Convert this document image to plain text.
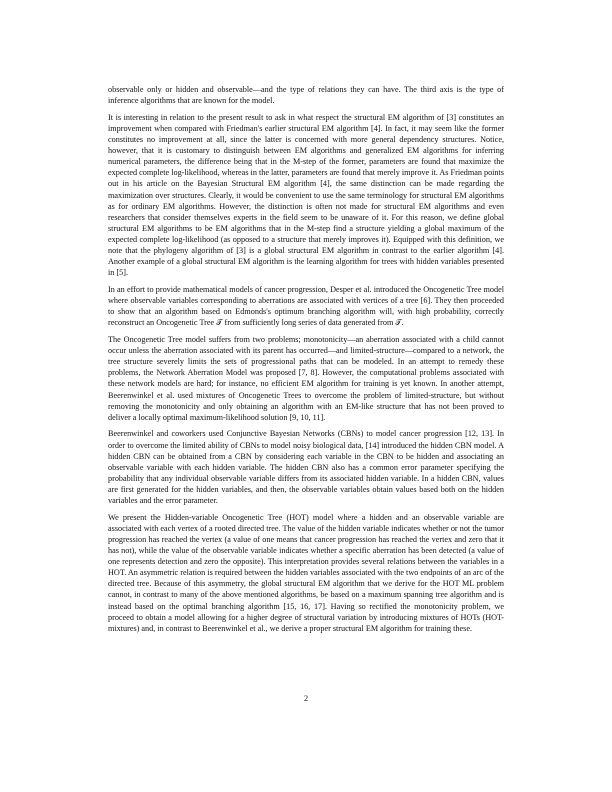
observable only or hidden and observable—and the type of relations they can have. The third axis is the type of inference algorithms that are known for the model.

It is interesting in relation to the present result to ask in what respect the structural EM algorithm of [3] constitutes an improvement when compared with Friedman's earlier structural EM algorithm [4]. In fact, it may seem like the former constitutes no improvement at all, since the latter is concerned with more general dependency structures. Notice, however, that it is customary to distinguish between EM algorithms and generalized EM algorithms for inferring numerical parameters, the difference being that in the M-step of the former, parameters are found that maximize the expected complete log-likelihood, whereas in the latter, parameters are found that merely improve it. As Friedman points out in his article on the Bayesian Structural EM algorithm [4], the same distinction can be made regarding the maximization over structures. Clearly, it would be convenient to use the same terminology for structural EM algorithms as for ordinary EM algorithms. However, the distinction is often not made for structural EM algorithms and even researchers that consider themselves experts in the field seem to be unaware of it. For this reason, we define global structural EM algorithms to be EM algorithms that in the M-step find a structure yielding a global maximum of the expected complete log-likelihood (as opposed to a structure that merely improves it). Equipped with this definition, we note that the phylogeny algorithm of [3] is a global structural EM algorithm in contrast to the earlier algorithm [4]. Another example of a global structural EM algorithm is the learning algorithm for trees with hidden variables presented in [5].

In an effort to provide mathematical models of cancer progression, Desper et al. introduced the Oncogenetic Tree model where observable variables corresponding to aberrations are associated with vertices of a tree [6]. They then proceeded to show that an algorithm based on Edmonds's optimum branching algorithm will, with high probability, correctly reconstruct an Oncogenetic Tree 𝒯 from sufficiently long series of data generated from 𝒯.

The Oncogenetic Tree model suffers from two problems; monotonicity—an aberration associated with a child cannot occur unless the aberration associated with its parent has occurred—and limited-structure—compared to a network, the tree structure severely limits the sets of progressional paths that can be modeled. In an attempt to remedy these problems, the Network Aberration Model was proposed [7, 8]. However, the computational problems associated with these network models are hard; for instance, no efficient EM algorithm for training is yet known. In another attempt, Beerenwinkel et al. used mixtures of Oncogenetic Trees to overcome the problem of limited-structure, but without removing the monotonicity and only obtaining an algorithm with an EM-like structure that has not been proved to deliver a locally optimal maximum-likelihood solution [9, 10, 11].

Beerenwinkel and coworkers used Conjunctive Bayesian Networks (CBNs) to model cancer progression [12, 13]. In order to overcome the limited ability of CBNs to model noisy biological data, [14] introduced the hidden CBN model. A hidden CBN can be obtained from a CBN by considering each variable in the CBN to be hidden and associating an observable variable with each hidden variable. The hidden CBN also has a common error parameter specifying the probability that any individual observable variable differs from its associated hidden variable. In a hidden CBN, values are first generated for the hidden variables, and then, the observable variables obtain values based both on the hidden variables and the error parameter.

We present the Hidden-variable Oncogenetic Tree (HOT) model where a hidden and an observable variable are associated with each vertex of a rooted directed tree. The value of the hidden variable indicates whether or not the tumor progression has reached the vertex (a value of one means that cancer progression has reached the vertex and zero that it has not), while the value of the observable variable indicates whether a specific aberration has been detected (a value of one represents detection and zero the opposite). This interpretation provides several relations between the variables in a HOT. An asymmetric relation is required between the hidden variables associated with the two endpoints of an arc of the directed tree. Because of this asymmetry, the global structural EM algorithm that we derive for the HOT ML problem cannot, in contrast to many of the above mentioned algorithms, be based on a maximum spanning tree algorithm and is instead based on the optimal branching algorithm [15, 16, 17]. Having so rectified the monotonicity problem, we proceed to obtain a model allowing for a higher degree of structural variation by introducing mixtures of HOTs (HOT-mixtures) and, in contrast to Beerenwinkel et al., we derive a proper structural EM algorithm for training these.

2
